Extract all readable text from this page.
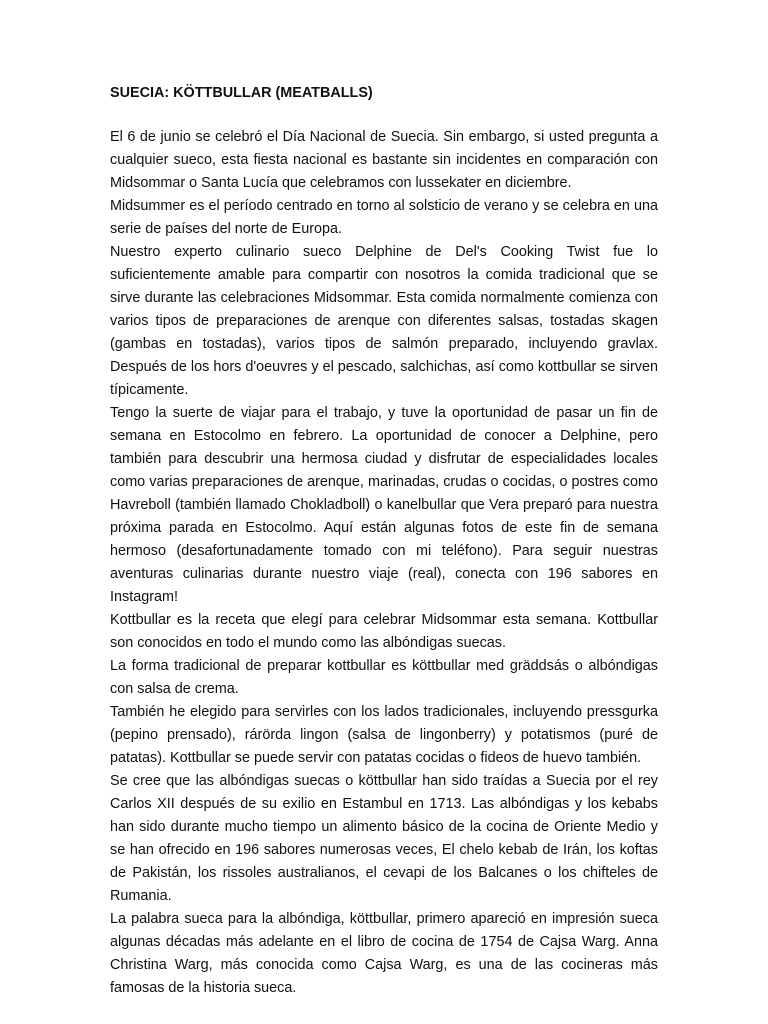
SUECIA: KÖTTBULLAR (MEATBALLS)

El 6 de junio se celebró el Día Nacional de Suecia. Sin embargo, si usted pregunta a cualquier sueco, esta fiesta nacional es bastante sin incidentes en comparación con Midsommar o Santa Lucía que celebramos con lussekater en diciembre.

Midsummer es el período centrado en torno al solsticio de verano y se celebra en una serie de países del norte de Europa.

Nuestro experto culinario sueco Delphine de Del's Cooking Twist fue lo suficientemente amable para compartir con nosotros la comida tradicional que se sirve durante las celebraciones Midsommar. Esta comida normalmente comienza con varios tipos de preparaciones de arenque con diferentes salsas, tostadas skagen (gambas en tostadas), varios tipos de salmón preparado, incluyendo gravlax. Después de los hors d'oeuvres y el pescado, salchichas, así como kottbullar se sirven típicamente.

Tengo la suerte de viajar para el trabajo, y tuve la oportunidad de pasar un fin de semana en Estocolmo en febrero. La oportunidad de conocer a Delphine, pero también para descubrir una hermosa ciudad y disfrutar de especialidades locales como varias preparaciones de arenque, marinadas, crudas o cocidas, o postres como Havreboll (también llamado Chokladboll) o kanelbullar que Vera preparó para nuestra próxima parada en Estocolmo. Aquí están algunas fotos de este fin de semana hermoso (desafortunadamente tomado con mi teléfono). Para seguir nuestras aventuras culinarias durante nuestro viaje (real), conecta con 196 sabores en Instagram!

Kottbullar es la receta que elegí para celebrar Midsommar esta semana. Kottbullar son conocidos en todo el mundo como las albóndigas suecas.

La forma tradicional de preparar kottbullar es köttbullar med gräddsás o albóndigas con salsa de crema.

También he elegido para servirles con los lados tradicionales, incluyendo pressgurka (pepino prensado), rárörda lingon (salsa de lingonberry) y potatismos (puré de patatas). Kottbullar se puede servir con patatas cocidas o fideos de huevo también.

Se cree que las albóndigas suecas o köttbullar han sido traídas a Suecia por el rey Carlos XII después de su exilio en Estambul en 1713. Las albóndigas y los kebabs han sido durante mucho tiempo un alimento básico de la cocina de Oriente Medio y se han ofrecido en 196 sabores numerosas veces, El chelo kebab de Irán, los koftas de Pakistán, los rissoles australianos, el cevapi de los Balcanes o los chifteles de Rumania.

La palabra sueca para la albóndiga, köttbullar, primero apareció en impresión sueca algunas décadas más adelante en el libro de cocina de 1754 de Cajsa Warg. Anna Christina Warg, más conocida como Cajsa Warg, es una de las cocineras más famosas de la historia sueca.
